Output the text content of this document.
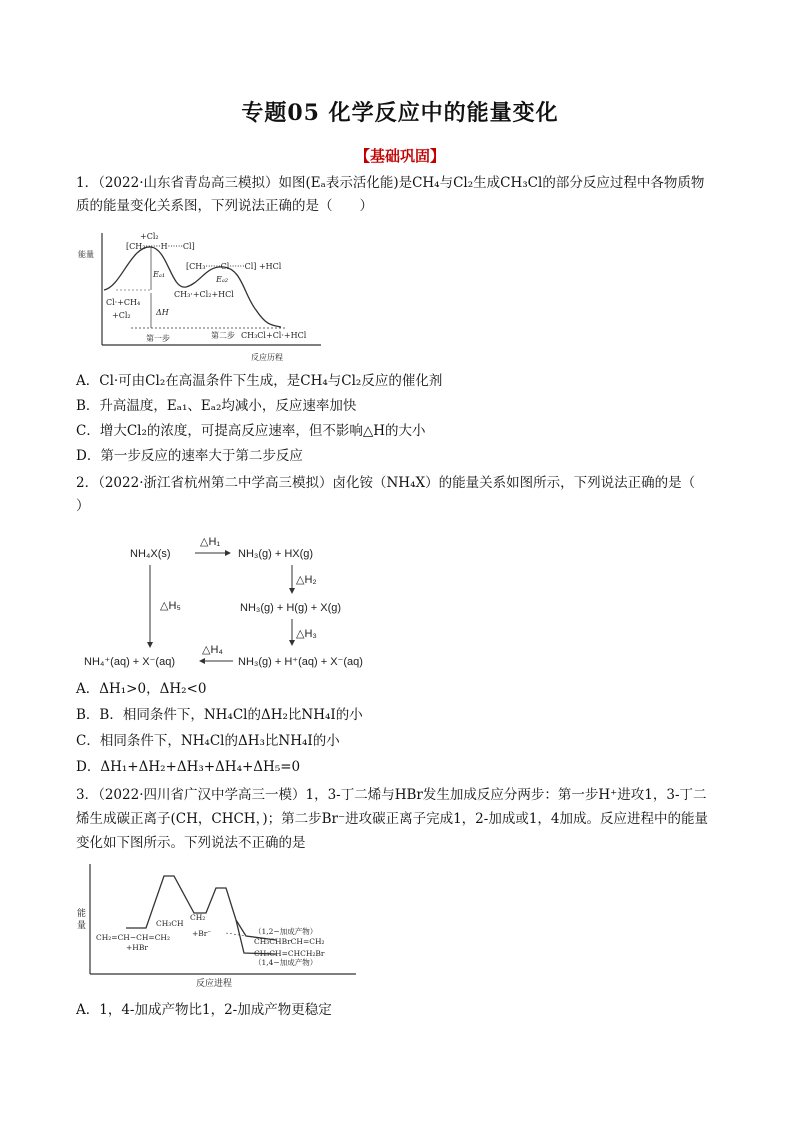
专题05 化学反应中的能量变化
【基础巩固】
1．（2022·山东省青岛高三模拟）如图(Eₐ表示活化能)是CH₄与Cl₂生成CH₃Cl的部分反应过程中各物质物
质的能量变化关系图，下列说法正确的是（　　）
能量
反应历程
+Cl₂
[CH₃······H······Cl]
[CH₃······Cl······Cl] +HCl
Eₐ₁
Eₐ₂
Cl·+CH₄
+Cl₂
CH₃·+Cl₂+HCl
ΔH
第一步	第二步 CH₃Cl+Cl·+HCl
A．Cl·可由Cl₂在高温条件下生成，是CH₄与Cl₂反应的催化剂
B．升高温度，Eₐ₁、Eₐ₂均减小，反应速率加快
C．增大Cl₂的浓度，可提高反应速率，但不影响△H的大小
D．第一步反应的速率大于第二步反应
2．（2022·浙江省杭州第二中学高三模拟）卤化铵（NH₄X）的能量关系如图所示，下列说法正确的是（
）
NH₄X(s)
△H₁
NH₃(g) + HX(g)
△H₂
NH₃(g) + H(g) + X(g)
△H₃
NH₃(g) + H⁺(aq) + X⁻(aq)
△H₅
△H₄
NH₄⁺(aq) + X⁻(aq)
A．ΔH₁>0，ΔH₂<0
B．B．相同条件下，NH₄Cl的ΔH₂比NH₄I的小
C．相同条件下，NH₄Cl的ΔH₃比NH₄I的小
D．ΔH₁+ΔH₂+ΔH₃+ΔH₄+ΔH₅=0
3．（2022·四川省广汉中学高三一模）1，3-丁二烯与HBr发生加成反应分两步：第一步H⁺进攻1，3-丁二
烯生成碳正离子(CH，CHCH，)；第二步Br⁻进攻碳正离子完成1，2-加成或1，4加成。反应进程中的能量
变化如下图所示。下列说法不正确的是
能
量
反应进程
CH₂=CH−CH=CH₂
+HBr
CH₃CH
CH₂
+Br⁻	（1,2−加成产物）
CH₃CHBrCH=CH₂
CH₃CH=CHCH₂Br
（1,4−加成产物）
A．1，4-加成产物比1，2-加成产物更稳定
